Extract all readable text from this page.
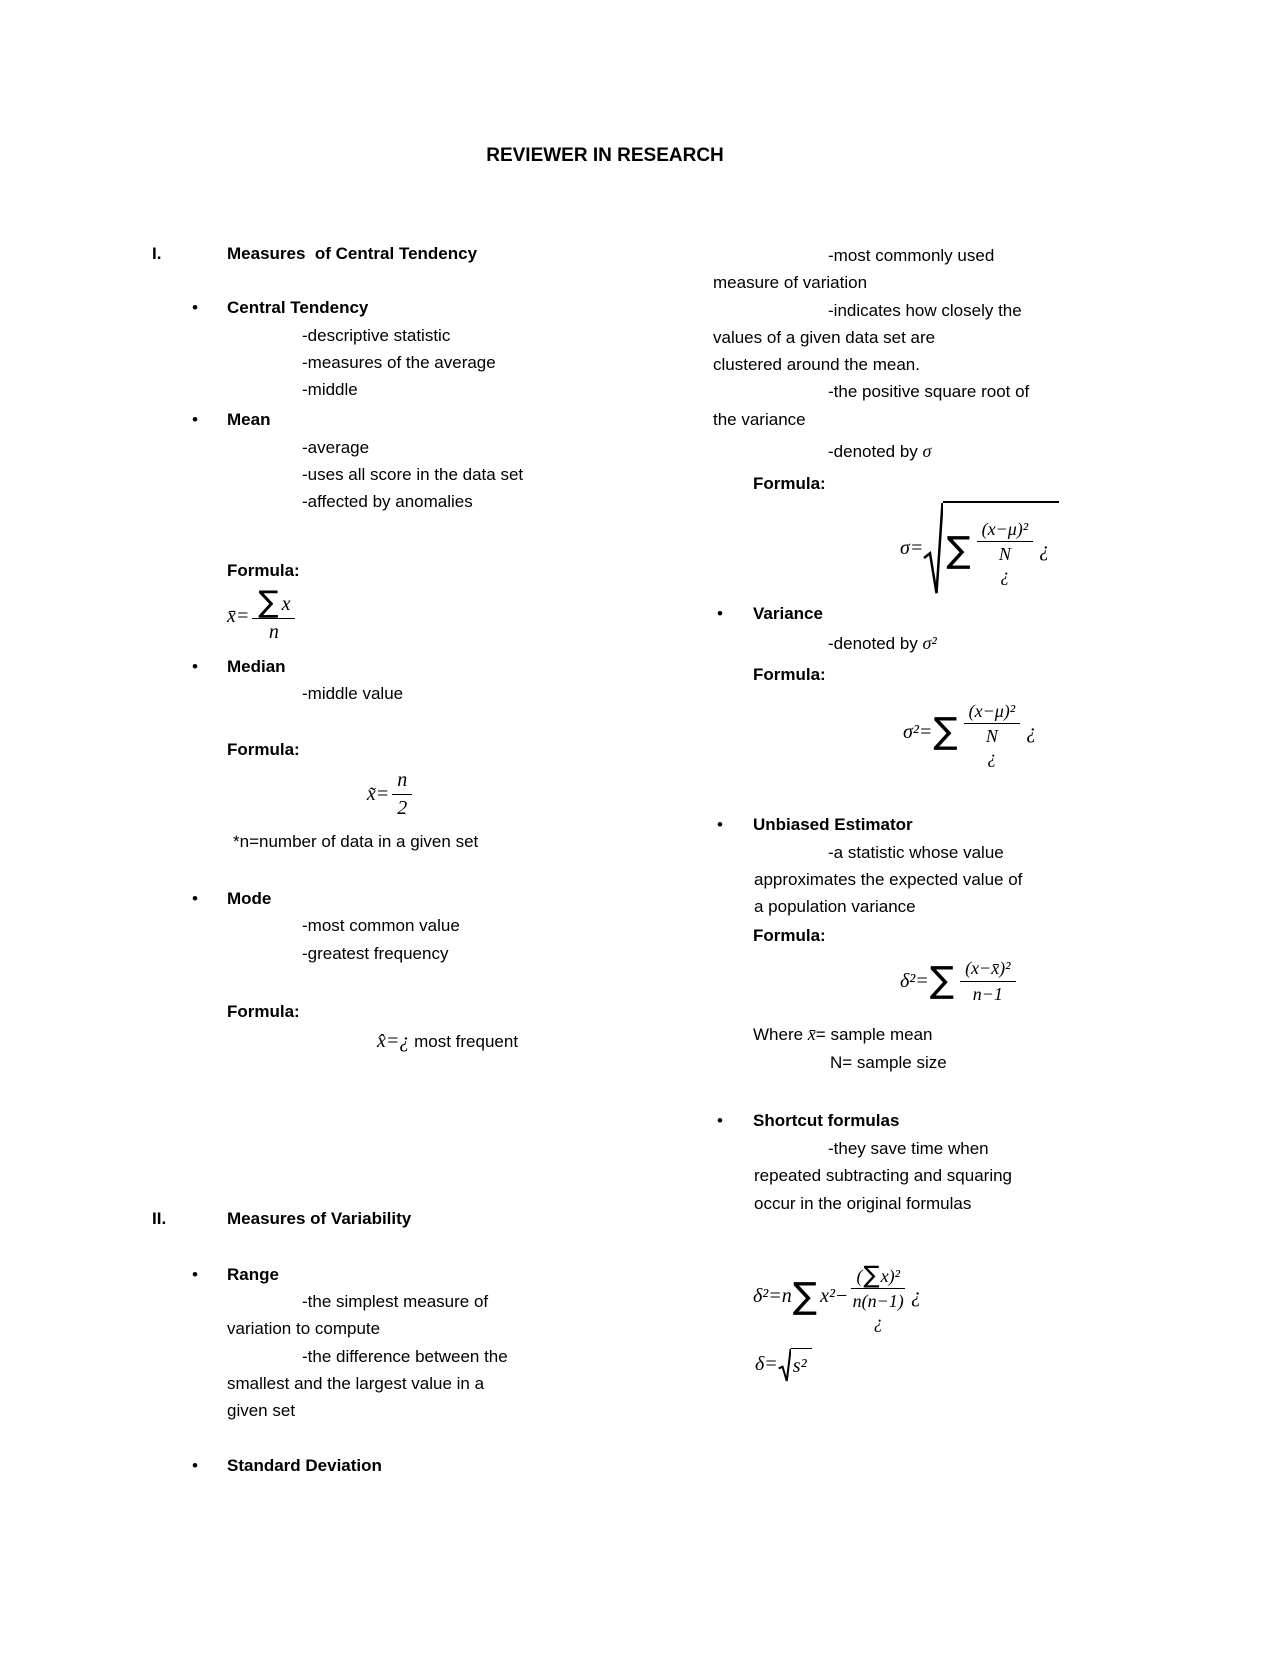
REVIEWER IN RESEARCH
I.	Measures  of Central Tendency
•	Central Tendency
-descriptive statistic
-measures of the average
-middle
•	Mean
-average
-uses all score in the data set
-affected by anomalies
Formula:
x̄= $\frac{\sum x}{n}$
•	Median
-middle value
Formula:
x̃= $\frac{n}{2}$
*n=number of data in a given set
•	Mode
-most common value
-greatest frequency
Formula:
x̂=¿ most frequent
II.	Measures of Variability
•	Range
-the simplest measure of
variation to compute
-the difference between the
smallest and the largest value in a
given set
•	Standard Deviation
-most commonly used
measure of variation
-indicates how closely the
values of a given data set are
clustered around the mean.
-the positive square root of
the variance
-denoted by σ
Formula:
σ= ∑
(x−μ)²
N
¿
¿
•	Variance
-denoted by σ²
Formula:
σ²= ∑
(x−μ)²
N
¿
¿
•	Unbiased Estimator
-a statistic whose value
approximates the expected value of
a population variance
Formula:
δ²= ∑ $\frac{\text{(x−x̄)²}}{n-1}$
Where x̄= sample mean
N= sample size
•	Shortcut formulas
-they save time when
repeated subtracting and squaring
occur in the original formulas
δ²=n ∑ x²−
( ∑ x)²
n(n−1)
¿
¿
δ= s²
